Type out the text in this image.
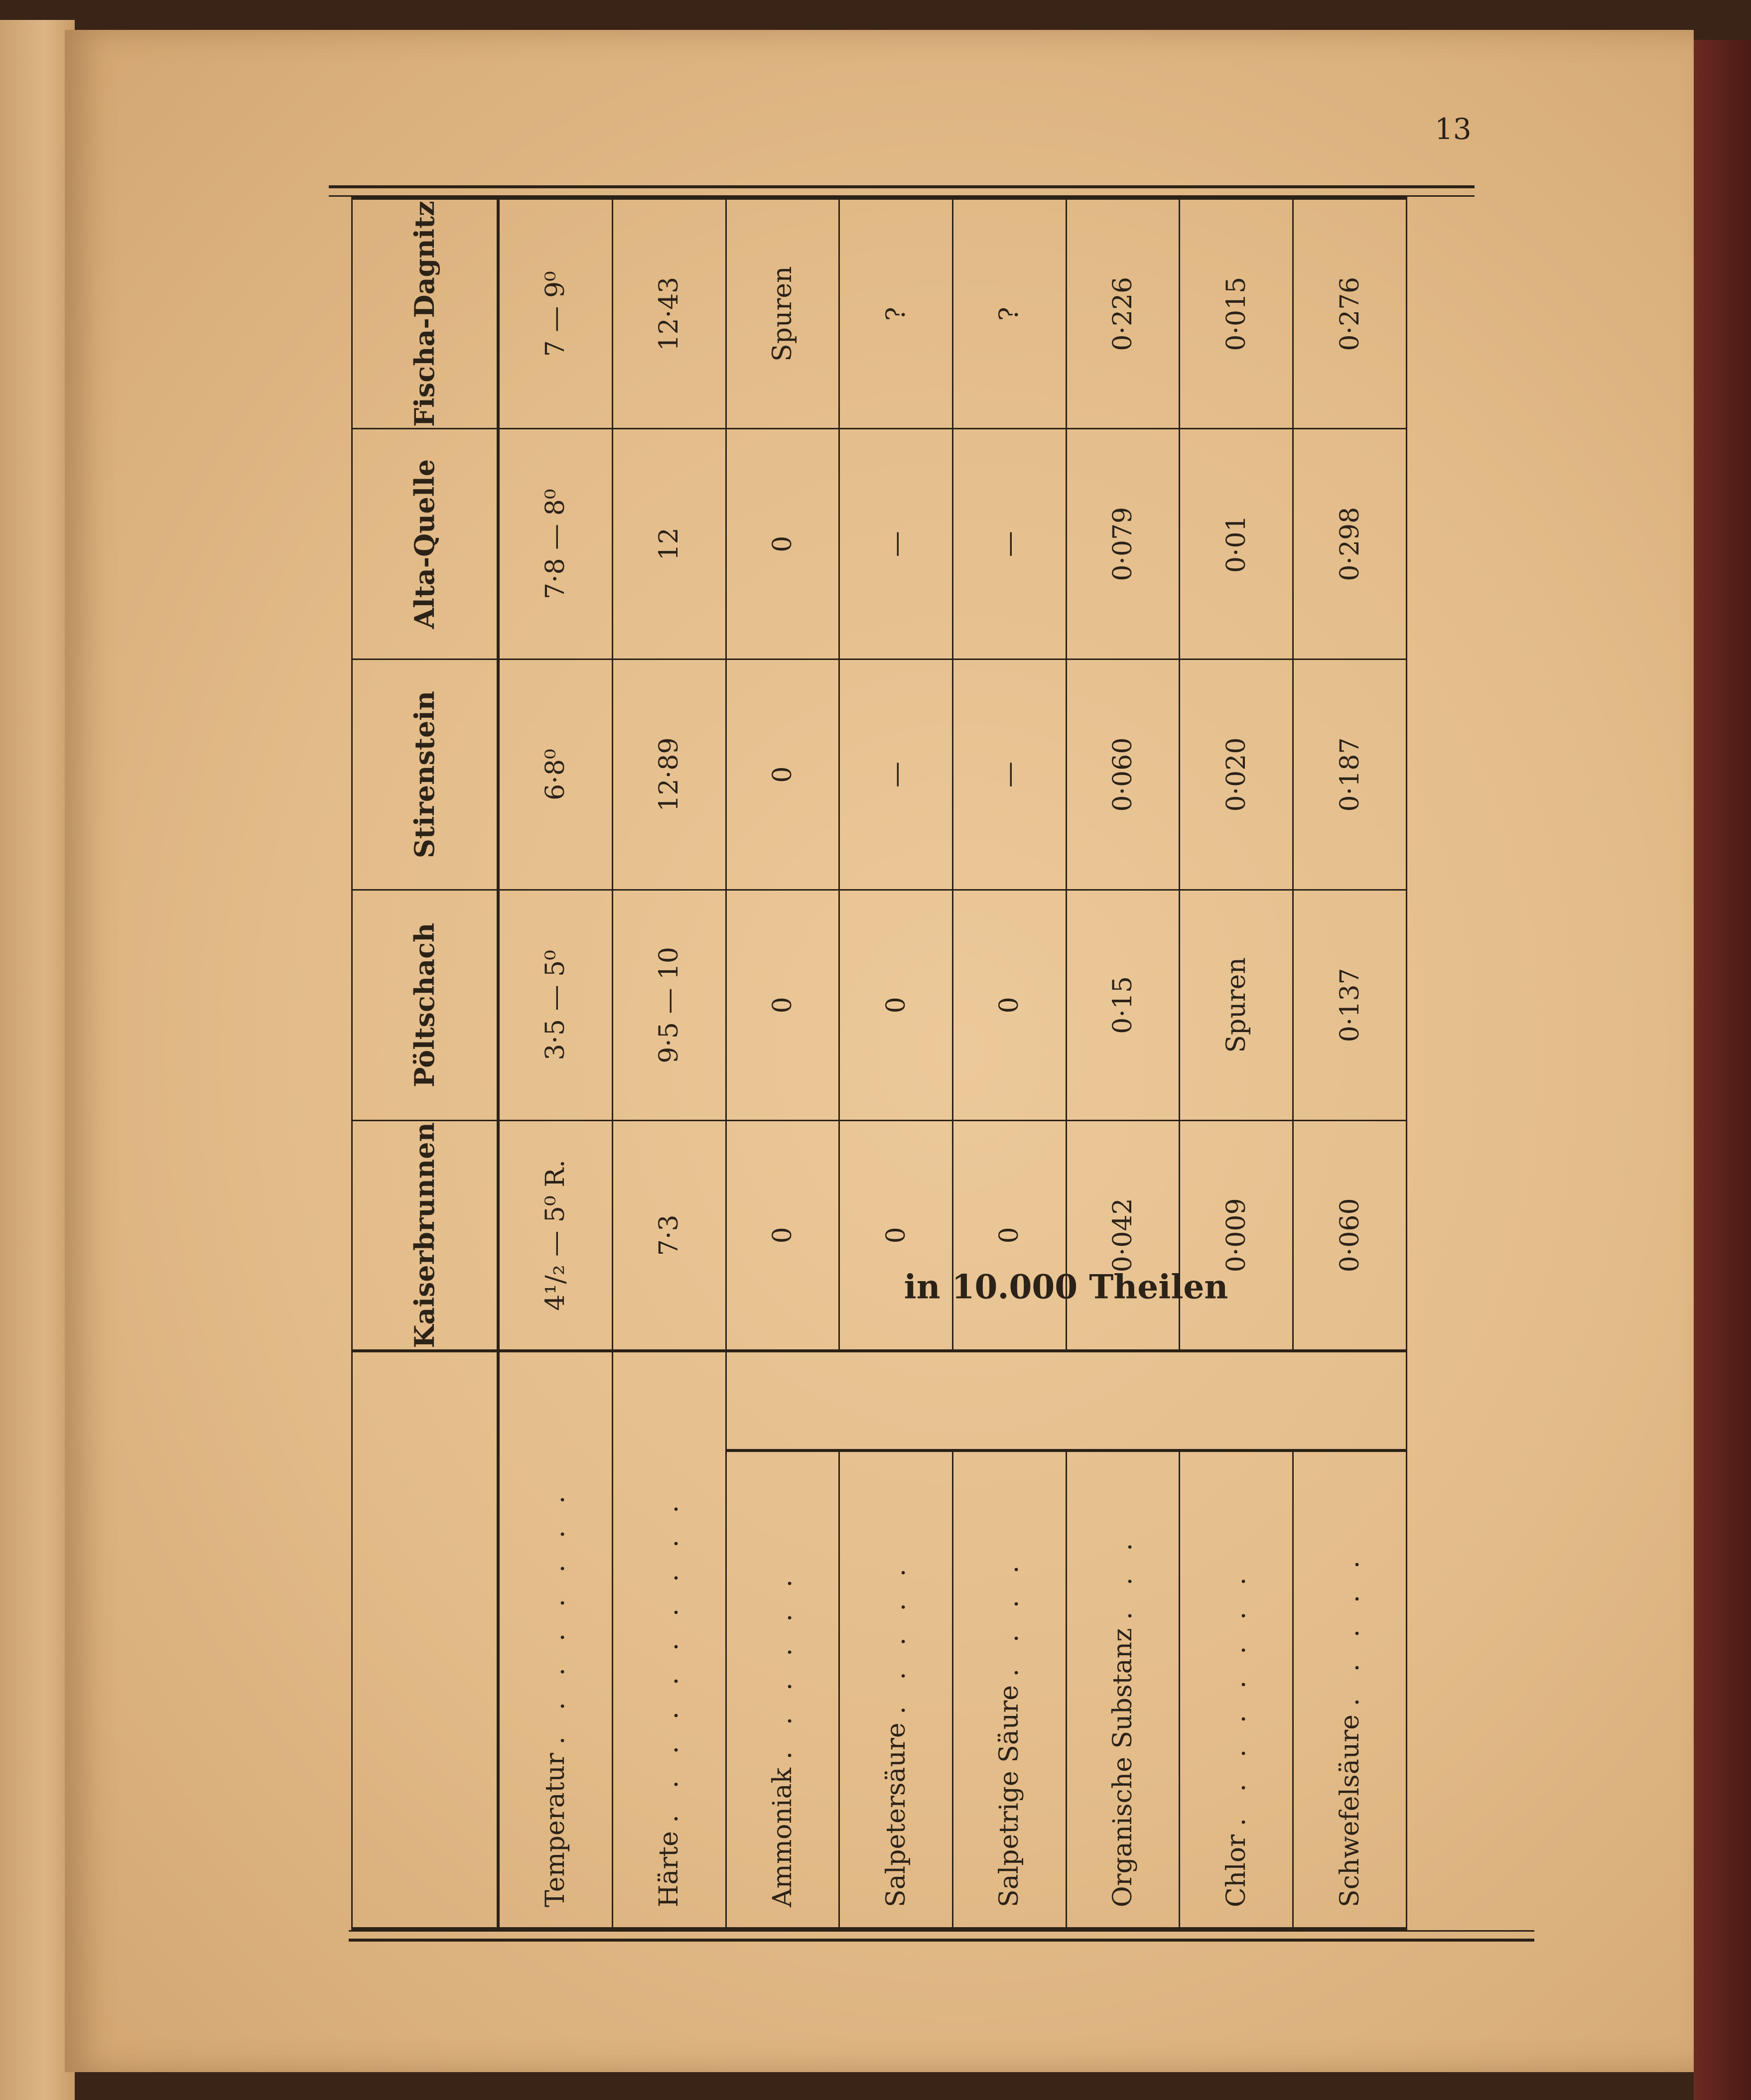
13
		Kaiserbrunnen	Pöltschach	Stirenstein	Alta-Quelle	Fischa-Dagnitz
Temperatur . . . . . . . .		4¹/₂ — 5⁰ R.	3·5 — 5⁰	6·8⁰	7·8 — 8⁰	7 — 9⁰
Härte . . . . . . . . . .		7·3	9·5 — 10	12·89	12	12·43
Ammoniak . . . . . .	in 10.000 Theilen	0	0	0	0	Spuren
Salpetersäure . . . . .		0	0	—	—	?
Salpetrige Säure . . . .		0	0	—	—	?
Organische Substanz . . .		0·042	0·15	0·060	0·079	0·226
Chlor . . . . . . . .		0·009	Spuren	0·020	0·01	0·015
Schwefelsäure . . . . .		0·060	0·137	0·187	0·298	0·276
